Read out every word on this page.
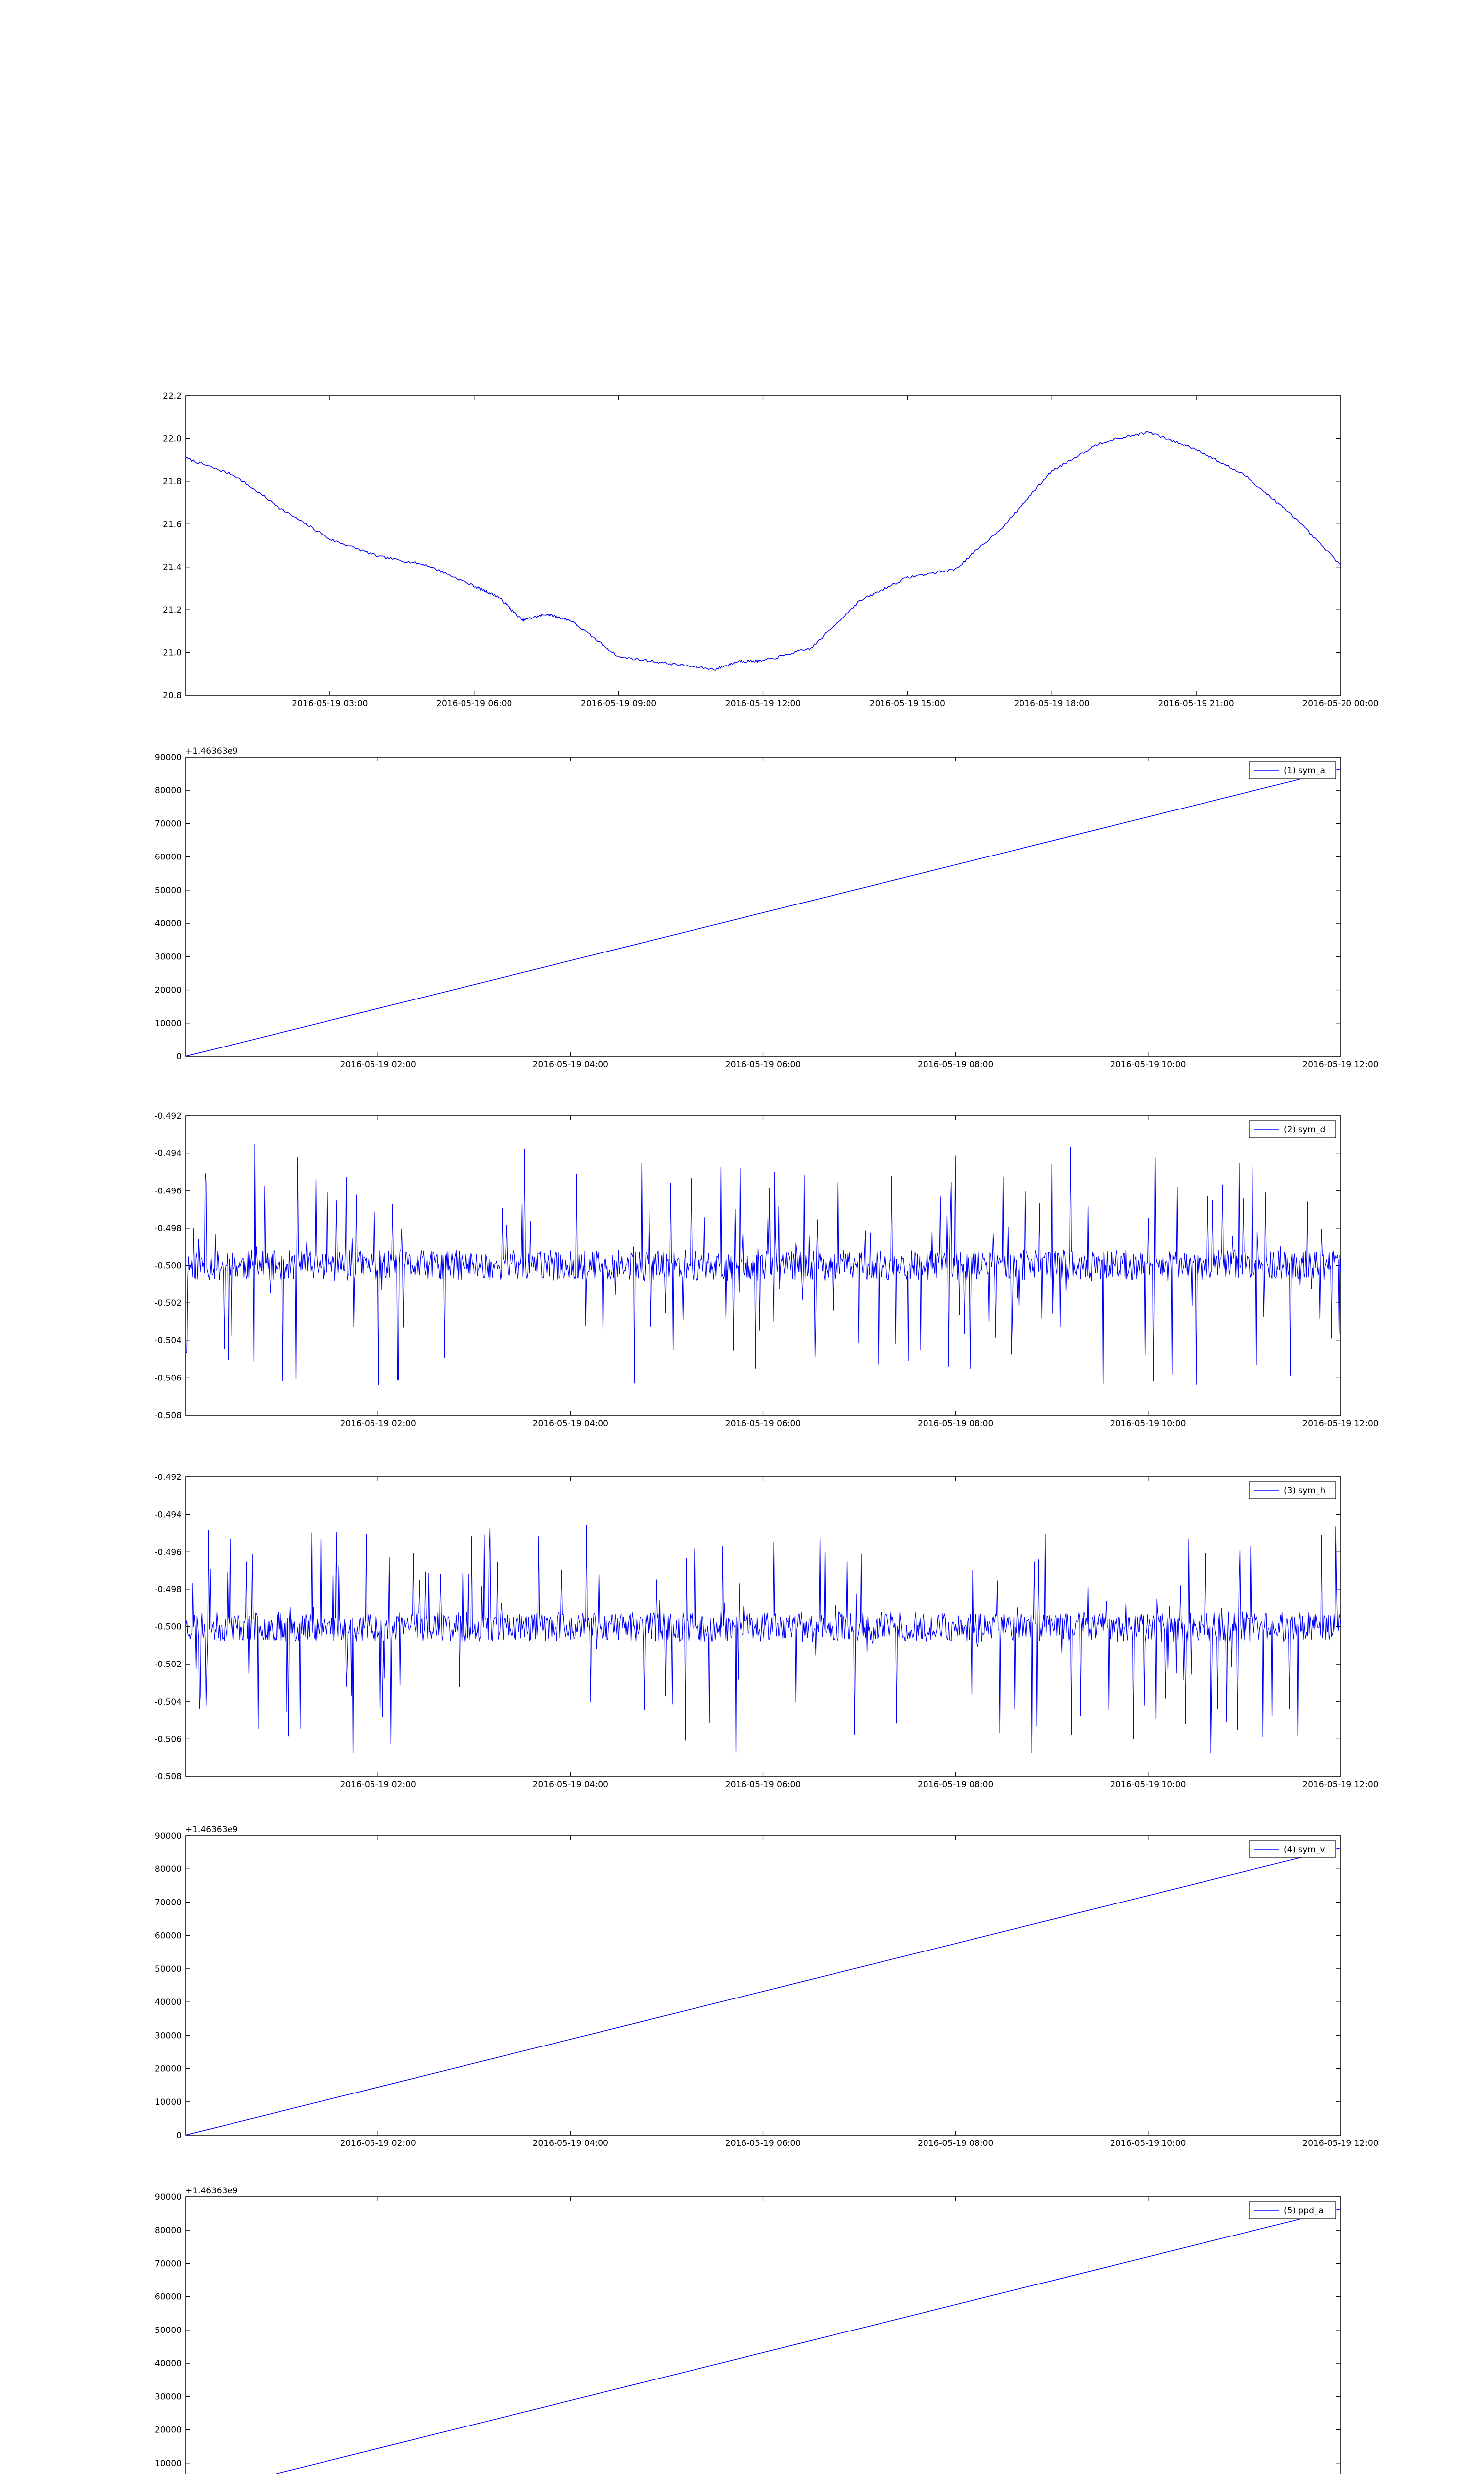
20.8
21.0
21.2
21.4
21.6
21.8
22.0
22.2
2016-05-19 03:00	2016-05-19 06:00	2016-05-19 09:00	2016-05-19 12:00	2016-05-19 15:00	2016-05-19 18:00	2016-05-19 21:00	2016-05-20 00:00
0
10000
20000
30000
40000
50000
60000
70000
80000
90000
2016-05-19 02:00	2016-05-19 04:00	2016-05-19 06:00	2016-05-19 08:00	2016-05-19 10:00	2016-05-19 12:00
+1.46363e9
(1) sym_a
-0.508
-0.506
-0.504
-0.502
-0.500
-0.498
-0.496
-0.494
-0.492
2016-05-19 02:00	2016-05-19 04:00	2016-05-19 06:00	2016-05-19 08:00	2016-05-19 10:00	2016-05-19 12:00
(2) sym_d
-0.508
-0.506
-0.504
-0.502
-0.500
-0.498
-0.496
-0.494
-0.492
2016-05-19 02:00	2016-05-19 04:00	2016-05-19 06:00	2016-05-19 08:00	2016-05-19 10:00	2016-05-19 12:00
(3) sym_h
0
10000
20000
30000
40000
50000
60000
70000
80000
90000
2016-05-19 02:00	2016-05-19 04:00	2016-05-19 06:00	2016-05-19 08:00	2016-05-19 10:00	2016-05-19 12:00
+1.46363e9
(4) sym_v
10000
20000
30000
40000
50000
60000
70000
80000
90000
+1.46363e9
(5) ppd_a
